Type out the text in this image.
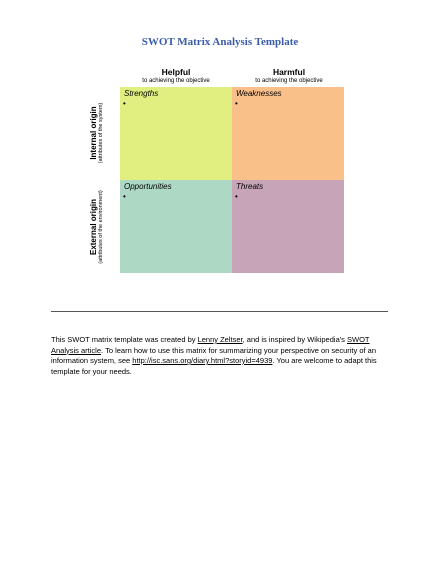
SWOT Matrix Analysis Template
Helpful
to achieving the objective
Harmful
to achieving the objective
Internal origin (attributes of the system)
External origin (attributes of the environment)
Strengths
•
Weaknesses
•
Opportunities
•
Threats
•
This SWOT matrix template was created by Lenny Zeltser, and is inspired by Wikipedia's SWOT Analysis article. To learn how to use this matrix for summarizing your perspective on security of an information system, see http://isc.sans.org/diary.html?storyid=4939. You are welcome to adapt this template for your needs.
